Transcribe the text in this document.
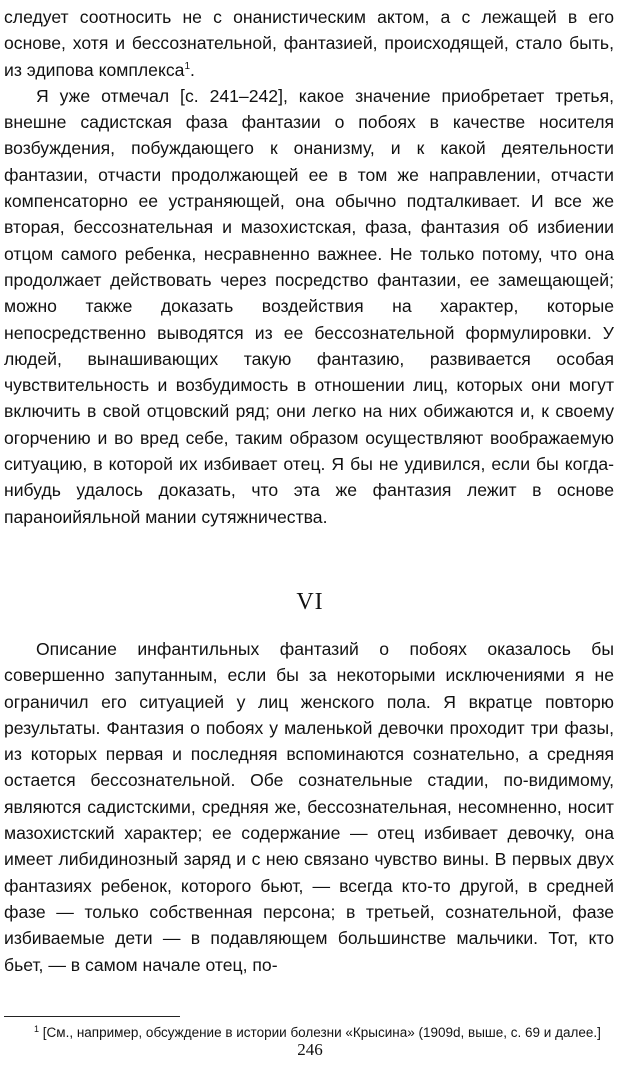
следует соотносить не с онанистическим актом, а с лежащей в его основе, хотя и бессознательной, фантазией, происходящей, стало быть, из эдипова комплекса$^1$.

Я уже отмечал [с. 241–242], какое значение приобретает третья, внешне садистская фаза фантазии о побоях в качестве носителя возбуждения, побуждающего к онанизму, и к какой деятельности фантазии, отчасти продолжающей ее в том же направлении, отчасти компенсаторно ее устраняющей, она обычно подталкивает. И все же вторая, бессознательная и мазохистская, фаза, фантазия об избиении отцом самого ребенка, несравненно важнее. Не только потому, что она продолжает действовать через посредство фантазии, ее замещающей; можно также доказать воздействия на характер, которые непосредственно выводятся из ее бессознательной формулировки. У людей, вынашивающих такую фантазию, развивается особая чувствительность и возбудимость в отношении лиц, которых они могут включить в свой отцовский ряд; они легко на них обижаются и, к своему огорчению и во вред себе, таким образом осуществляют воображаемую ситуацию, в которой их избивает отец. Я бы не удивился, если бы когда-нибудь удалось доказать, что эта же фантазия лежит в основе параноийяльной мании сутяжничества.

VI

Описание инфантильных фантазий о побоях оказалось бы совершенно запутанным, если бы за некоторыми исключениями я не ограничил его ситуацией у лиц женского пола. Я вкратце повторю результаты. Фантазия о побоях у маленькой девочки проходит три фазы, из которых первая и последняя вспоминаются сознательно, а средняя остается бессознательной. Обе сознательные стадии, по-видимому, являются садистскими, средняя же, бессознательная, несомненно, носит мазохистский характер; ее содержание — отец избивает девочку, она имеет либидинозный заряд и с нею связано чувство вины. В первых двух фантазиях ребенок, которого бьют, — всегда кто-то другой, в средней фазе — только собственная персона; в третьей, сознательной, фазе избиваемые дети — в подавляющем большинстве мальчики. Тот, кто бьет, — в самом начале отец, по-

$^1$ [См., например, обсуждение в истории болезни «Крысина» (1909d, выше, с. 69 и далее.]
246
